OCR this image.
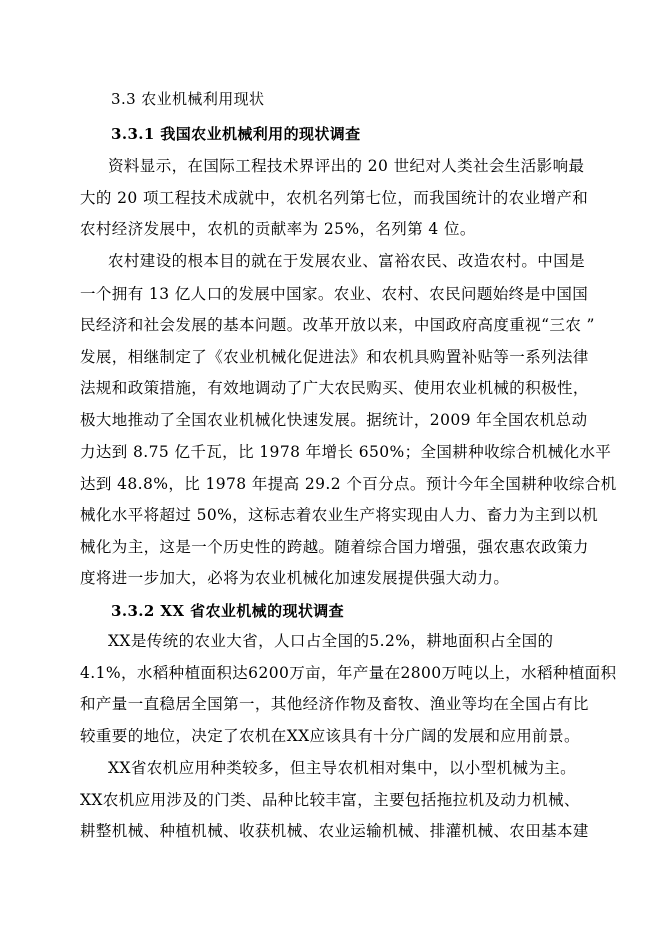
3.3 农业机械利用现状
3.3.1 我国农业机械利用的现状调查
资料显示，在国际工程技术界评出的 20 世纪对人类社会生活影响最
大的 20 项工程技术成就中，农机名列第七位，而我国统计的农业增产和
农村经济发展中，农机的贡献率为 25%，名列第 4 位。
农村建设的根本目的就在于发展农业、富裕农民、改造农村。中国是
一个拥有 13 亿人口的发展中国家。农业、农村、农民问题始终是中国国
民经济和社会发展的基本问题。改革开放以来，中国政府高度重视“三农 ”
发展，相继制定了《农业机械化促进法》和农机具购置补贴等一系列法律
法规和政策措施，有效地调动了广大农民购买、使用农业机械的积极性，
极大地推动了全国农业机械化快速发展。据统计，2009 年全国农机总动
力达到 8.75 亿千瓦，比 1978 年增长 650%；全国耕种收综合机械化水平
达到 48.8%，比 1978 年提高 29.2 个百分点。预计今年全国耕种收综合机
械化水平将超过 50%，这标志着农业生产将实现由人力、畜力为主到以机
械化为主，这是一个历史性的跨越。随着综合国力增强，强农惠农政策力
度将进一步加大，必将为农业机械化加速发展提供强大动力。
3.3.2 XX 省农业机械的现状调查
XX是传统的农业大省，人口占全国的5.2%，耕地面积占全国的
4.1%，水稻种植面积达6200万亩，年产量在2800万吨以上，水稻种植面积
和产量一直稳居全国第一，其他经济作物及畜牧、渔业等均在全国占有比
较重要的地位，决定了农机在XX应该具有十分广阔的发展和应用前景。
XX省农机应用种类较多，但主导农机相对集中，以小型机械为主。
XX农机应用涉及的门类、品种比较丰富，主要包括拖拉机及动力机械、
耕整机械、种植机械、收获机械、农业运输机械、排灌机械、农田基本建
